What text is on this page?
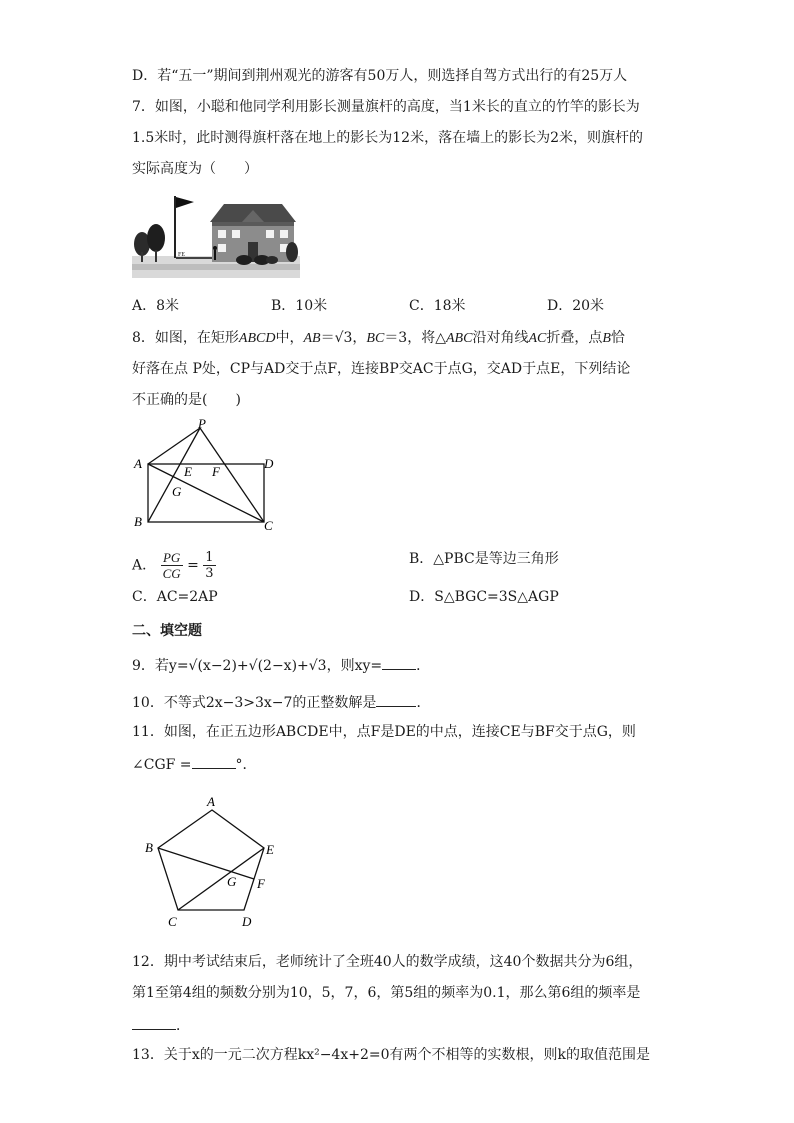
D．若“五一”期间到荆州观光的游客有50万人，则选择自驾方式出行的有25万人
7．如图，小聪和他同学利用影长测量旗杆的高度，当1米长的直立的竹竿的影长为
1.5米时，此时测得旗杆落在地上的影长为12米，落在墙上的影长为2米，则旗杆的
实际高度为（　　）
FE
A．8米	B．10米	C．18米	D．20米
8．如图，在矩形ABCD中，AB＝√3，BC＝3，将△ABC沿对角线AC折叠，点B恰
好落在点 P处，CP与AD交于点F，连接BP交AC于点G，交AD于点E，下列结论
不正确的是(　　)
P
A	D
E F
G
B	C
A． $\frac{PG}{CG} = \frac{1}{3}$	B．△PBC是等边三角形
C．AC=2AP	D．S△BGC=3S△AGP
二、填空题
9．若y=√(x−2)+√(2−x)+√3，则xy= ．
10．不等式2x−3>3x−7的正整数解是	．
11．如图，在正五边形ABCDE中，点F是DE的中点，连接CE与BF交于点G，则
∠CGF =	°．
A
B	E
G F
C	D
12．期中考试结束后，老师统计了全班40人的数学成绩，这40个数据共分为6组，
第1至第4组的频数分别为10，5，7，6，第5组的频率为0.1，那么第6组的频率是
．
13．关于x的一元二次方程kx²−4x+2=0有两个不相等的实数根，则k的取值范围是
